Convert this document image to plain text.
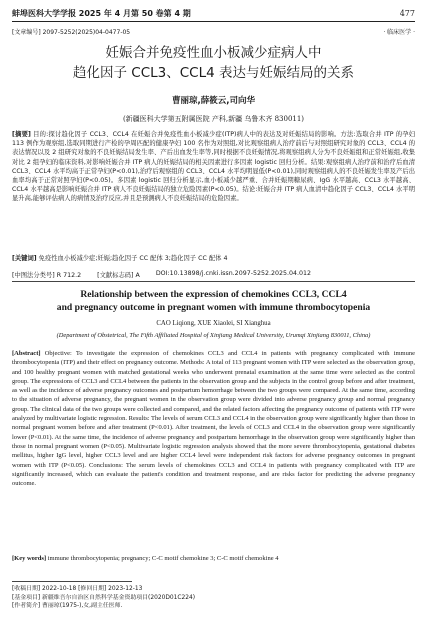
蚌埠医科大学学报 2025 年 4 月第 50 卷第 4 期	477
[文章编号] 2097-5252(2025)04-0477-05	· 临床医学 ·
妊娠合并免疫性血小板减少症病人中
趋化因子 CCL3、CCL4 表达与妊娠结局的关系
曹丽琼,薛筱云,司向华
(新疆医科大学第五附属医院 产科,新疆 乌鲁木齐 830011)
[摘要] 目的:探讨趋化因子 CCL3、CCL4 在妊娠合并免疫性血小板减少症(ITP)病人中的表达及对妊娠结局的影响。方法:选取合并 ITP 的孕妇 113 例作为观察组,选取同期进行产检的孕周匹配的健康孕妇 100 名作为对照组,对比观察组病人治疗前后与对照组研究对象的 CCL3、CCL4 的表达情况以及 2 组研究对象的不良妊娠结局发生率、产后出血发生率等,同时根据不良妊娠情况,将观察组病人分为不良妊娠组和正常妊娠组,收集对比 2 组孕妇的临床资料,对影响妊娠合并 ITP 病人的妊娠结局的相关因素进行多因素 logistic 回归分析。结果:观察组病人治疗前和治疗后血清 CCL3、CCL4 水平均高于正常孕妇(P<0.01),治疗后观察组的 CCL3、CCL4 水平均明显低(P<0.01),同时观察组病人的不良妊娠发生率及产后出血率均高于正常对照孕妇(P<0.05)。多因素 logistic 回归分析显示,血小板减少越严重、合并妊娠期糖尿病、IgG 水平越高、CCL3 水平越高、CCL4 水平越高是影响妊娠合并 ITP 病人不良妊娠结局的独立危险因素(P<0.05)。结论:妊娠合并 ITP 病人血清中趋化因子 CCL3、CCL4 水平明显升高,能够评估病人的病情及治疗反应,并且是预测病人不良妊娠结局的危险因素。
[关键词] 免疫性血小板减少症;妊娠;趋化因子 CC 配体 3;趋化因子 CC 配体 4
[中图法分类号] R 712.2	[文献标志码] A	DOI:10.13898/j.cnki.issn.2097-5252.2025.04.012
Relationship between the expression of chemokines CCL3, CCL4
and pregnancy outcome in pregnant women with immune thrombocytopenia
CAO Liqiong, XUE Xiaolei, SI Xianghua
(Department of Obstetrical, The Fifth Affiliated Hospital of Xinjiang Medical University, Urumqi Xinjiang 830011, China)
[Abstract] Objective: To investigate the expression of chemokines CCL3 and CCL4 in patients with pregnancy complicated with immune thrombocytopenia (ITP) and their effect on pregnancy outcome. Methods: A total of 113 pregnant women with ITP were selected as the observation group, and 100 healthy pregnant women with matched gestational weeks who underwent prenatal examination at the same time were selected as the control group. The expressions of CCL3 and CCL4 between the patients in the observation group and the subjects in the control group before and after treatment, as well as the incidence of adverse pregnancy outcomes and postpartum hemorrhage between the two groups were compared. At the same time, according to the situation of adverse pregnancy, the pregnant women in the observation group were divided into adverse pregnancy group and normal pregnancy group. The clinical data of the two groups were collected and compared, and the related factors affecting the pregnancy outcome of patients with ITP were analyzed by multivariate logistic regression. Results: The levels of serum CCL3 and CCL4 in the observation group were significantly higher than those in normal pregnant women before and after treatment (P<0.01). After treatment, the levels of CCL3 and CCL4 in the observation group were significantly lower (P<0.01). At the same time, the incidence of adverse pregnancy and postpartum hemorrhage in the observation group were significantly higher than those in normal pregnant women (P<0.05). Multivariate logistic regression analysis showed that the more severe thrombocytopenia, gestational diabetes mellitus, higher IgG level, higher CCL3 level and are higher CCL4 level were independent risk factors for adverse pregnancy outcomes in pregnant women with ITP (P<0.05). Conclusions: The serum levels of chemokines CCL3 and CCL4 in patients with pregnancy complicated with ITP are significantly increased, which can evaluate the patient's condition and treatment response, and are risks factor for predicting the adverse pregnancy outcome.
[Key words] immune thrombocytopenia; pregnancy; C-C motif chemokine 3; C-C motif chemokine 4
[收稿日期] 2022-10-18 [修回日期] 2023-12-13
[基金项目] 新疆维吾尔自治区自然科学基金资助项目(2020D01C224)
[作者简介] 曹丽琼(1975-),女,副主任医师.
